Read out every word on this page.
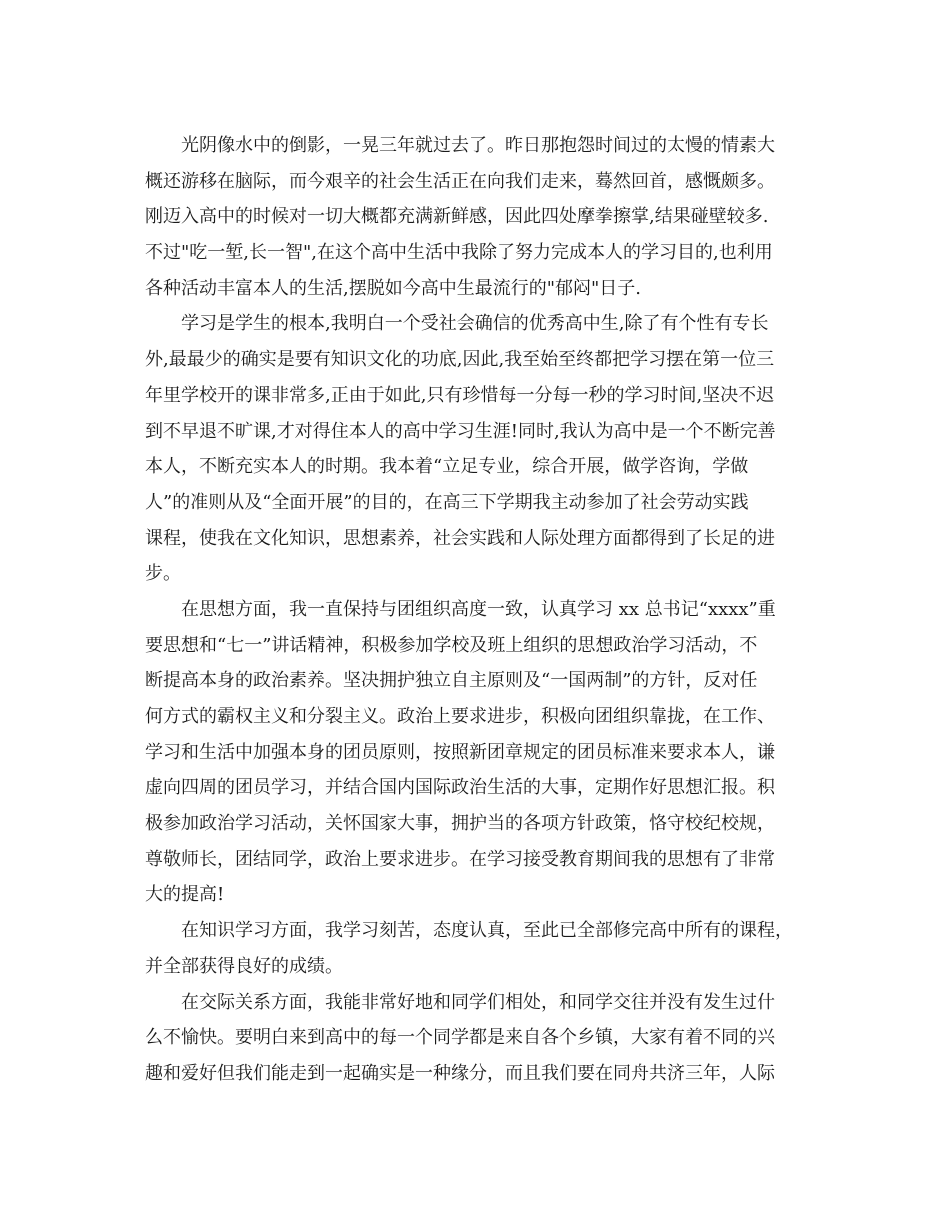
光阴像水中的倒影，一晃三年就过去了。昨日那抱怨时间过的太慢的情素大
概还游移在脑际，而今艰辛的社会生活正在向我们走来，蓦然回首，感慨颇多。
刚迈入高中的时候对一切大概都充满新鲜感，因此四处摩拳擦掌,结果碰壁较多.
不过"吃一堑,长一智",在这个高中生活中我除了努力完成本人的学习目的,也利用
各种活动丰富本人的生活,摆脱如今高中生最流行的"郁闷"日子.
学习是学生的根本,我明白一个受社会确信的优秀高中生,除了有个性有专长
外,最最少的确实是要有知识文化的功底,因此,我至始至终都把学习摆在第一位三
年里学校开的课非常多,正由于如此,只有珍惜每一分每一秒的学习时间,坚决不迟
到不早退不旷课,才对得住本人的高中学习生涯!同时,我认为高中是一个不断完善
本人，不断充实本人的时期。我本着“立足专业，综合开展，做学咨询，学做
人”的准则从及“全面开展”的目的，在高三下学期我主动参加了社会劳动实践
课程，使我在文化知识，思想素养，社会实践和人际处理方面都得到了长足的进
步。
在思想方面，我一直保持与团组织高度一致，认真学习 xx 总书记“xxxx”重
要思想和“七一”讲话精神，积极参加学校及班上组织的思想政治学习活动，不
断提高本身的政治素养。坚决拥护独立自主原则及“一国两制”的方针，反对任
何方式的霸权主义和分裂主义。政治上要求进步，积极向团组织靠拢，在工作、
学习和生活中加强本身的团员原则，按照新团章规定的团员标准来要求本人，谦
虚向四周的团员学习，并结合国内国际政治生活的大事，定期作好思想汇报。积
极参加政治学习活动，关怀国家大事，拥护当的各项方针政策，恪守校纪校规，
尊敬师长，团结同学，政治上要求进步。在学习接受教育期间我的思想有了非常
大的提高!
在知识学习方面，我学习刻苦，态度认真，至此已全部修完高中所有的课程，
并全部获得良好的成绩。
在交际关系方面，我能非常好地和同学们相处，和同学交往并没有发生过什
么不愉快。要明白来到高中的每一个同学都是来自各个乡镇，大家有着不同的兴
趣和爱好但我们能走到一起确实是一种缘分，而且我们要在同舟共济三年，人际
